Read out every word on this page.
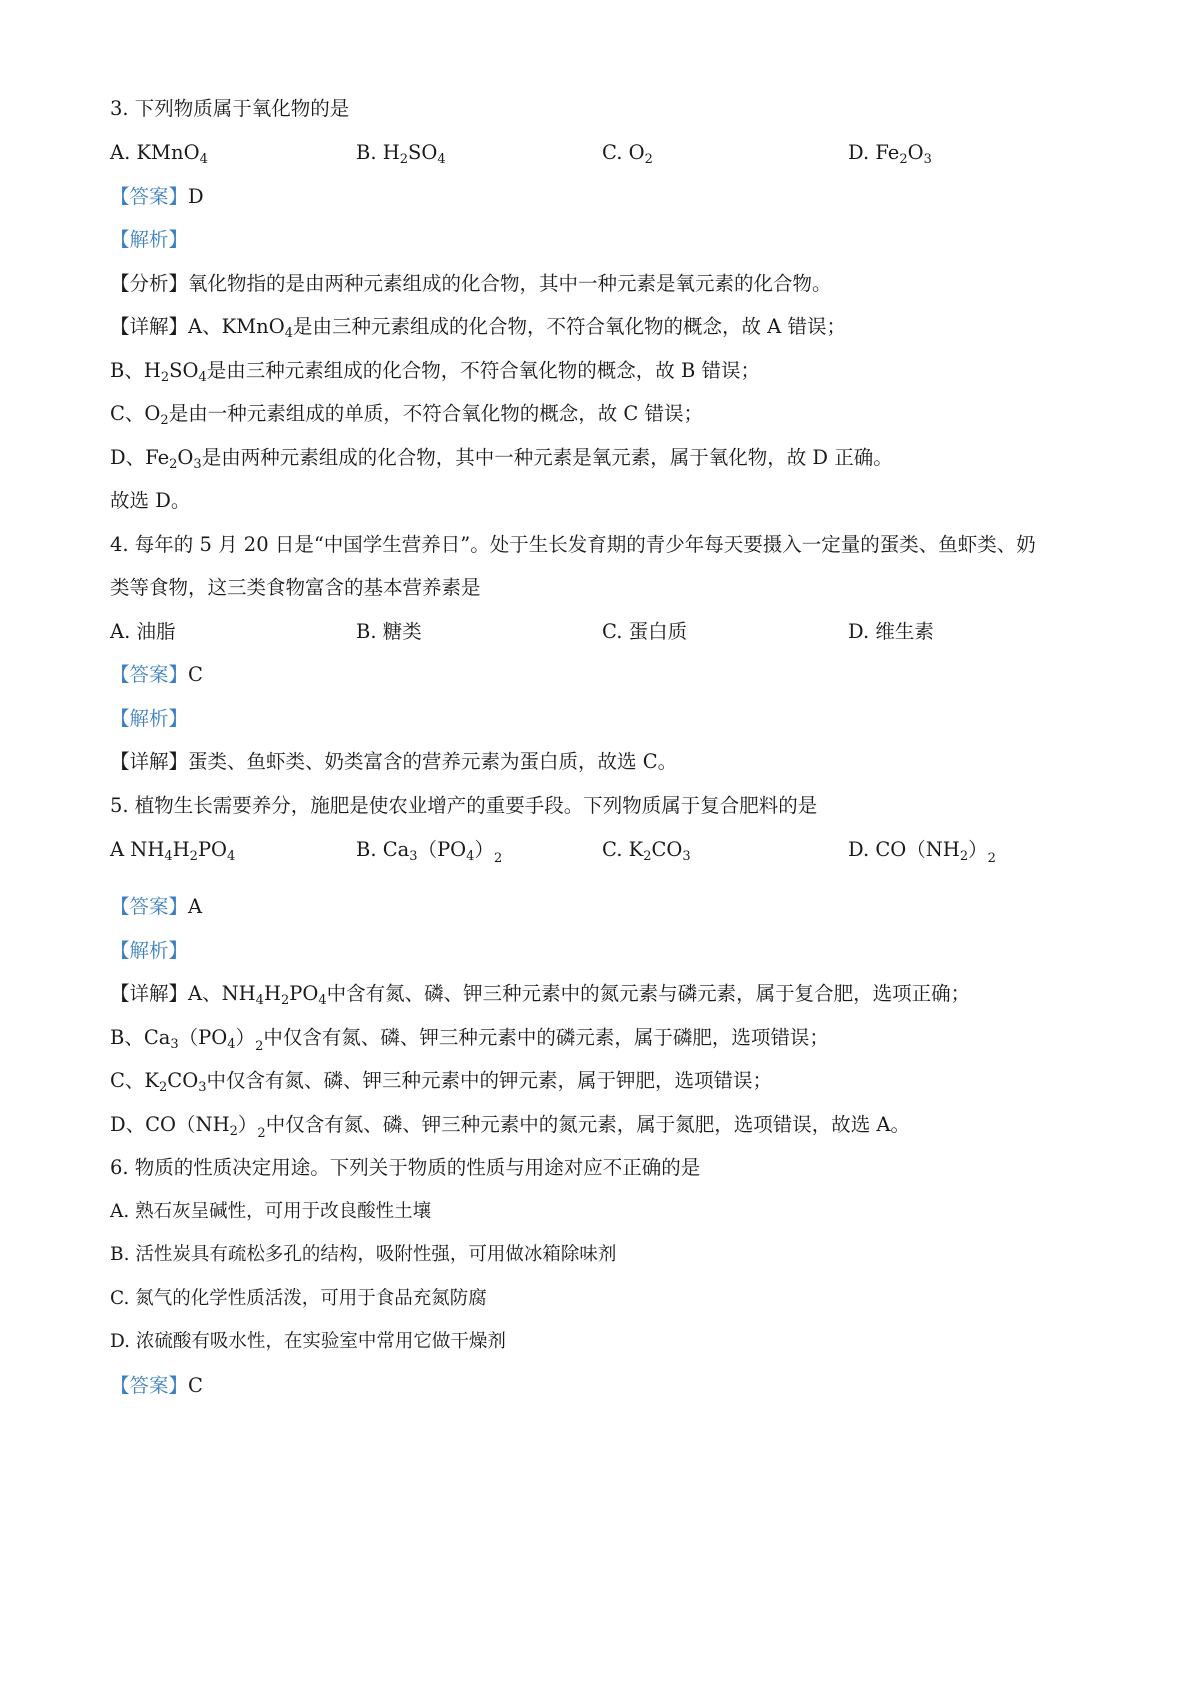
3. 下列物质属于氧化物的是
A. KMnO$_4$	B. $H_2SO_4$	C. $O_2$	D. $Fe_2O_3$
【答案】D
【解析】
【分析】氧化物指的是由两种元素组成的化合物，其中一种元素是氧元素的化合物。
【详解】A、KMnO$_4$是由三种元素组成的化合物，不符合氧化物的概念，故 A 错误；
B、$H_2SO_4$是由三种元素组成的化合物，不符合氧化物的概念，故 B 错误；
C、$O_2$是由一种元素组成的单质，不符合氧化物的概念，故 C 错误；
D、$Fe_2O_3$是由两种元素组成的化合物，其中一种元素是氧元素，属于氧化物，故 D 正确。
故选 D。
4. 每年的 5 月 20 日是“中国学生营养日”。处于生长发育期的青少年每天要摄入一定量的蛋类、鱼虾类、奶
类等食物，这三类食物富含的基本营养素是
A. 油脂	B. 糖类	C. 蛋白质	D. 维生素
【答案】C
【解析】
【详解】蛋类、鱼虾类、奶类富含的营养元素为蛋白质，故选 C。
5. 植物生长需要养分，施肥是使农业增产的重要手段。下列物质属于复合肥料的是
A $NH_4H_2PO_4$	B. $Ca_3(PO_4)_2$	C. $K_2CO_3$	D. $CO(NH_2)_2$
【答案】A
【解析】
【详解】A、$NH_4H_2PO_4$中含有氮、磷、钾三种元素中的氮元素与磷元素，属于复合肥，选项正确；
B、$Ca_3(PO_4)_2$中仅含有氮、磷、钾三种元素中的磷元素，属于磷肥，选项错误；
C、$K_2CO_3$中仅含有氮、磷、钾三种元素中的钾元素，属于钾肥，选项错误；
D、$CO(NH_2)_2$中仅含有氮、磷、钾三种元素中的氮元素，属于氮肥，选项错误，故选 A。
6. 物质的性质决定用途。下列关于物质的性质与用途对应不正确的是
A. 熟石灰呈碱性，可用于改良酸性土壤
B. 活性炭具有疏松多孔的结构，吸附性强，可用做冰箱除味剂
C. 氮气的化学性质活泼，可用于食品充氮防腐
D. 浓硫酸有吸水性，在实验室中常用它做干燥剂
【答案】C
